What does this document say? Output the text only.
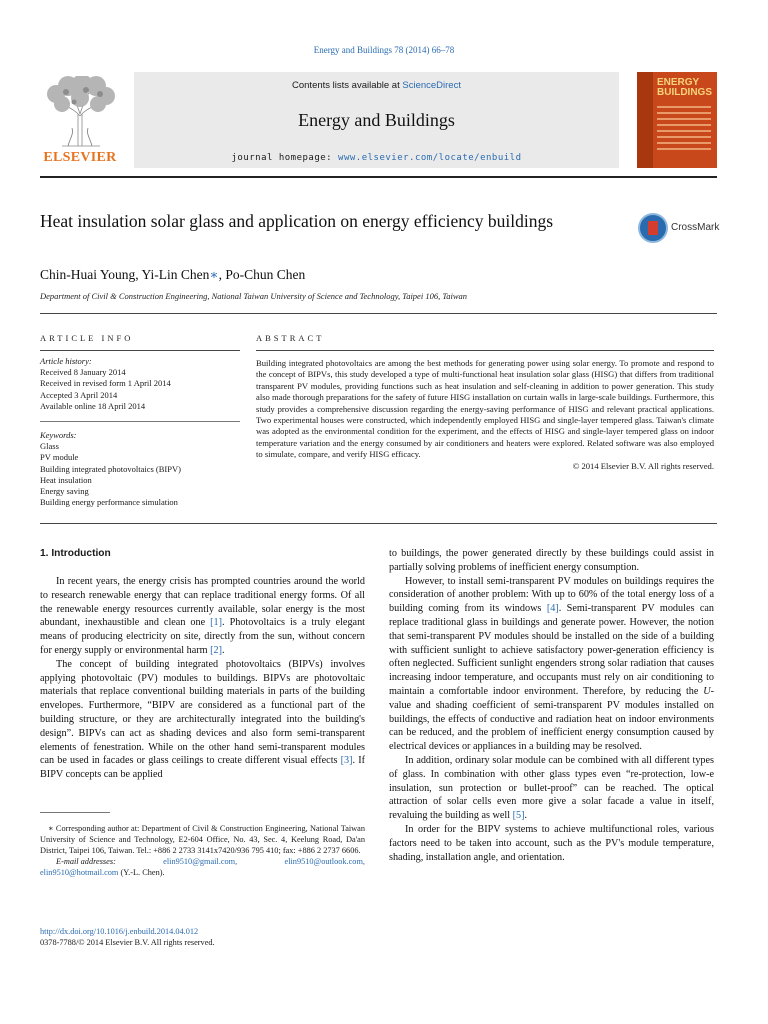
Energy and Buildings 78 (2014) 66–78
ELSEVIER
Contents lists available at ScienceDirect
Energy and Buildings
journal homepage: www.elsevier.com/locate/enbuild
ENERGY
BUILDINGS
Heat insulation solar glass and application on energy efficiency buildings	CrossMark
Chin-Huai Young, Yi-Lin Chen∗, Po-Chun Chen
Department of Civil & Construction Engineering, National Taiwan University of Science and Technology, Taipei 106, Taiwan
ARTICLE INFO	ABSTRACT
Article history:
Received 8 January 2014
Received in revised form 1 April 2014
Accepted 3 April 2014
Available online 18 April 2014
Keywords:
Glass
PV module
Building integrated photovoltaics (BIPV)
Heat insulation
Energy saving
Building energy performance simulation
Building integrated photovoltaics are among the best methods for generating power using solar energy. To promote and respond to the concept of BIPVs, this study developed a type of multi-functional heat insulation solar glass (HISG) that differs from traditional transparent PV modules, providing functions such as heat insulation and self-cleaning in addition to power generation. This study also made thorough preparations for the safety of future HISG installation on curtain walls in large-scale buildings. Furthermore, this study provides a comprehensive discussion regarding the energy-saving performance of HISG and relevant practical applications. Two experimental houses were constructed, which independently employed HISG and single-layer tempered glass. Taiwan's climate was adopted as the environmental condition for the experiment, and the effects of HISG and single-layer tempered glass on indoor temperature variation and the energy consumed by air conditioners and heaters were explored. Related software was also employed to simulate, compare, and verify HISG efficacy.
© 2014 Elsevier B.V. All rights reserved.
1. Introduction

In recent years, the energy crisis has prompted countries around the world to research renewable energy that can replace traditional energy forms. Of all the renewable energy resources currently available, solar energy is the most abundant, inexhaustible and clean one [1]. Photovoltaics is a truly elegant means of producing electricity on site, directly from the sun, without concern for energy supply or environmental harm [2].

The concept of building integrated photovoltaics (BIPVs) involves applying photovoltaic (PV) modules to buildings. BIPVs are photovoltaic materials that replace conventional building materials in parts of the building envelopes. Furthermore, “BIPV are considered as a functional part of the building structure, or they are architecturally integrated into the building's design”. BIPVs can act as shading devices and also form semi-transparent elements of fenestration. While on the other hand semi-transparent modules can be used in facades or glass ceilings to create different visual effects [3]. If BIPV concepts can be applied

∗ Corresponding author at: Department of Civil & Construction Engineering, National Taiwan University of Science and Technology, E2-604 Office, No. 43, Sec. 4, Keelung Road, Da'an District, Taipei 106, Taiwan. Tel.: +886 2 2733 3141x7420/936 795 410; fax: +886 2 2737 6606.
E-mail addresses:	elin9510@gmail.com,	elin9510@outlook.com,
elin9510@hotmail.com (Y.-L. Chen).
http://dx.doi.org/10.1016/j.enbuild.2014.04.012
0378-7788/© 2014 Elsevier B.V. All rights reserved.

to buildings, the power generated directly by these buildings could assist in partially solving problems of inefficient energy consumption.

However, to install semi-transparent PV modules on buildings requires the consideration of another problem: With up to 60% of the total energy loss of a building coming from its windows [4]. Semi-transparent PV modules can replace traditional glass in buildings and generate power. However, the notion that semi-transparent PV modules should be installed on the side of a building with sufficient sunlight to achieve satisfactory power-generation efficiency is often neglected. Sufficient sunlight engenders strong solar radiation that causes increasing indoor temperature, and occupants must rely on air conditioning to maintain a comfortable indoor environment. Therefore, by reducing the U-value and shading coefficient of semi-transparent PV modules installed on buildings, the effects of conductive and radiation heat on indoor environments can be reduced, and the problem of inefficient energy consumption caused by electrical devices or appliances in a building may be resolved.

In addition, ordinary solar module can be combined with all different types of glass. In combination with other glass types even “re-protection, low-e insulation, sun protection or bullet-proof” can be reached. The optical attraction of solar cells even more give a solar facade a value in itself, revaluing the building as well [5].

In order for the BIPV systems to achieve multifunctional roles, various factors need to be taken into account, such as the PV's module temperature, shading, installation angle, and orientation.
